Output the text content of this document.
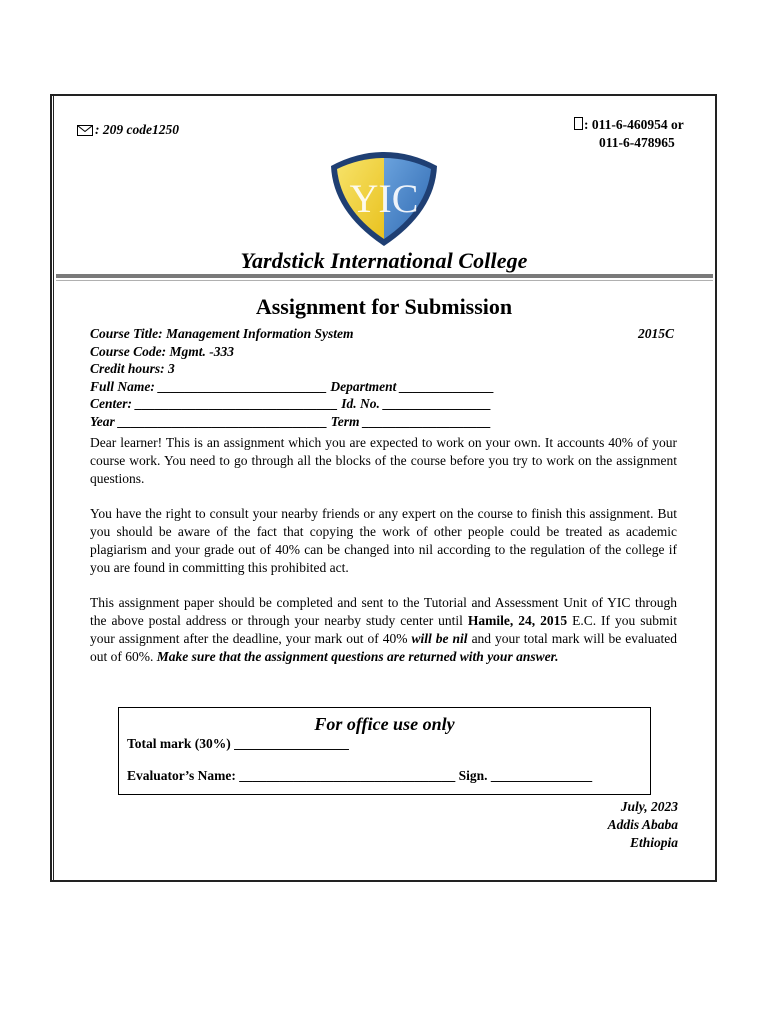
: 209 code1250	: 011-6-460954 or
011-6-478965
YIC
Yardstick International College
Assignment for Submission
Course Title: Management Information System	2015C
Course Code: Mgmt. -333
Credit hours: 3
Full Name: _________________________ Department ______________
Center: ______________________________ Id. No. ________________
Year _______________________________ Term ___________________

Dear learner! This is an assignment which you are expected to work on your own. It accounts 40% of your course work. You need to go through all the blocks of the course before you try to work on the assignment questions.

You have the right to consult your nearby friends or any expert on the course to finish this assignment. But you should be aware of the fact that copying the work of other people could be treated as academic plagiarism and your grade out of 40% can be changed into nil according to the regulation of the college if you are found in committing this prohibited act.

This assignment paper should be completed and sent to the Tutorial and Assessment Unit of YIC through the above postal address or through your nearby study center until Hamile, 24, 2015 E.C. If you submit your assignment after the deadline, your mark out of 40% will be nil and your total mark will be evaluated out of 60%. Make sure that the assignment questions are returned with your answer.

For office use only
Total mark (30%) _________________
Evaluator’s Name: ________________________________ Sign. _______________
July, 2023
Addis Ababa
Ethiopia
